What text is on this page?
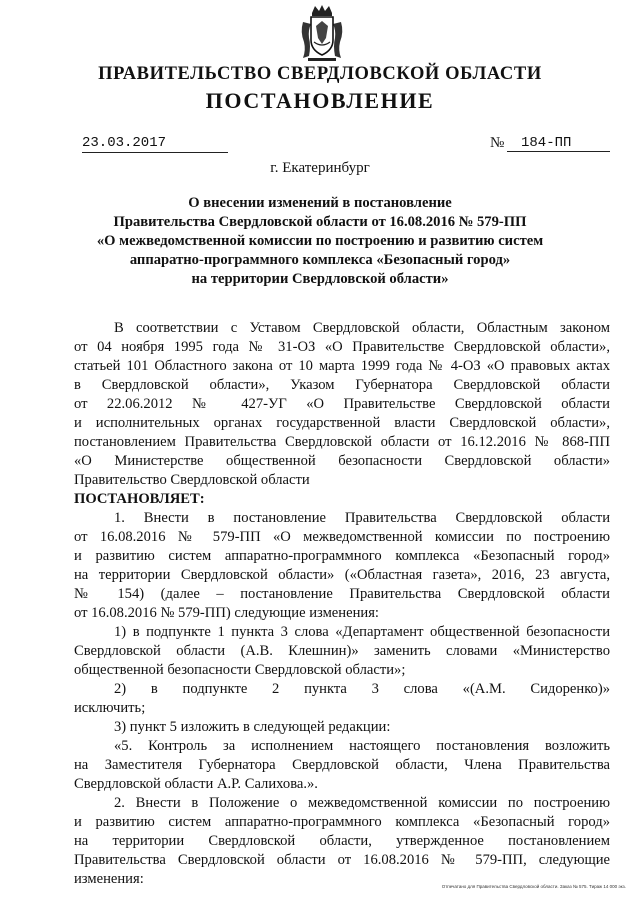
ПРАВИТЕЛЬСТВО СВЕРДЛОВСКОЙ ОБЛАСТИ
ПОСТАНОВЛЕНИЕ
23.03.2017	№	184-ПП
г. Екатеринбург
О внесении изменений в постановление
Правительства Свердловской области от 16.08.2016 № 579-ПП
«О межведомственной комиссии по построению и развитию систем
аппаратно-программного комплекса «Безопасный город»
на территории Свердловской области»
В соответствии с Уставом Свердловской области, Областным законом
от 04 ноября 1995 года № 31-ОЗ «О Правительстве Свердловской области»,
статьей 101 Областного закона от 10 марта 1999 года № 4-ОЗ «О правовых актах
в Свердловской области», Указом Губернатора Свердловской области
от 22.06.2012 № 427-УГ «О Правительстве Свердловской области
и исполнительных органах государственной власти Свердловской области»,
постановлением Правительства Свердловской области от 16.12.2016 № 868-ПП
«О Министерстве общественной безопасности Свердловской области»
Правительство Свердловской области
ПОСТАНОВЛЯЕТ:
1. Внести в постановление Правительства Свердловской области
от 16.08.2016 № 579-ПП «О межведомственной комиссии по построению
и развитию систем аппаратно-программного комплекса «Безопасный город»
на территории Свердловской области» («Областная газета», 2016, 23 августа,
№ 154) (далее – постановление Правительства Свердловской области
от 16.08.2016 № 579-ПП) следующие изменения:
1) в подпункте 1 пункта 3 слова «Департамент общественной безопасности
Свердловской области (А.В. Клешнин)» заменить словами «Министерство
общественной безопасности Свердловской области»;
2) в подпункте 2 пункта 3 слова «(А.М. Сидоренко)»
исключить;
3) пункт 5 изложить в следующей редакции:
«5. Контроль за исполнением настоящего постановления возложить
на Заместителя Губернатора Свердловской области, Члена Правительства
Свердловской области А.Р. Салихова.».
2. Внести в Положение о межведомственной комиссии по построению
и развитию систем аппаратно-программного комплекса «Безопасный город»
на территории Свердловской области, утвержденное постановлением
Правительства Свердловской области от 16.08.2016 № 579-ПП, следующие
изменения:	Отпечатано для Правительства Свердловской области. Заказ № 575. Тираж 14 000 экз.
